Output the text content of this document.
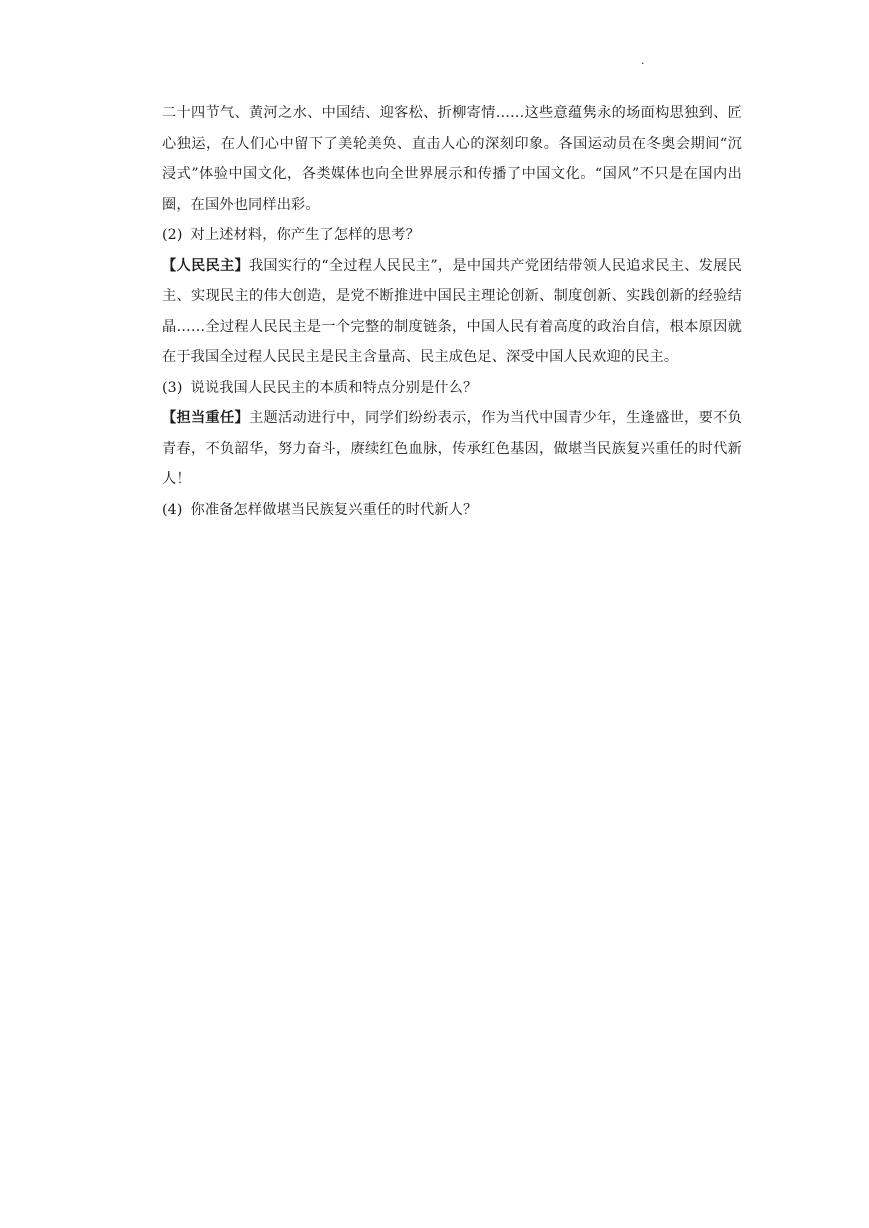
.

二十四节气、黄河之水、中国结、迎客松、折柳寄情……这些意蕴隽永的场面构思独到、匠心独运，在人们心中留下了美轮美奂、直击人心的深刻印象。各国运动员在冬奥会期间“沉浸式”体验中国文化，各类媒体也向全世界展示和传播了中国文化。“国风”不只是在国内出圈，在国外也同样出彩。

(2) 对上述材料，你产生了怎样的思考？

【人民民主】我国实行的“全过程人民民主”，是中国共产党团结带领人民追求民主、发展民主、实现民主的伟大创造，是党不断推进中国民主理论创新、制度创新、实践创新的经验结晶……全过程人民民主是一个完整的制度链条，中国人民有着高度的政治自信，根本原因就在于我国全过程人民民主是民主含量高、民主成色足、深受中国人民欢迎的民主。

(3) 说说我国人民民主的本质和特点分别是什么？

【担当重任】主题活动进行中，同学们纷纷表示，作为当代中国青少年，生逢盛世，要不负青春，不负韶华，努力奋斗，赓续红色血脉，传承红色基因，做堪当民族复兴重任的时代新人！

(4) 你准备怎样做堪当民族复兴重任的时代新人？
